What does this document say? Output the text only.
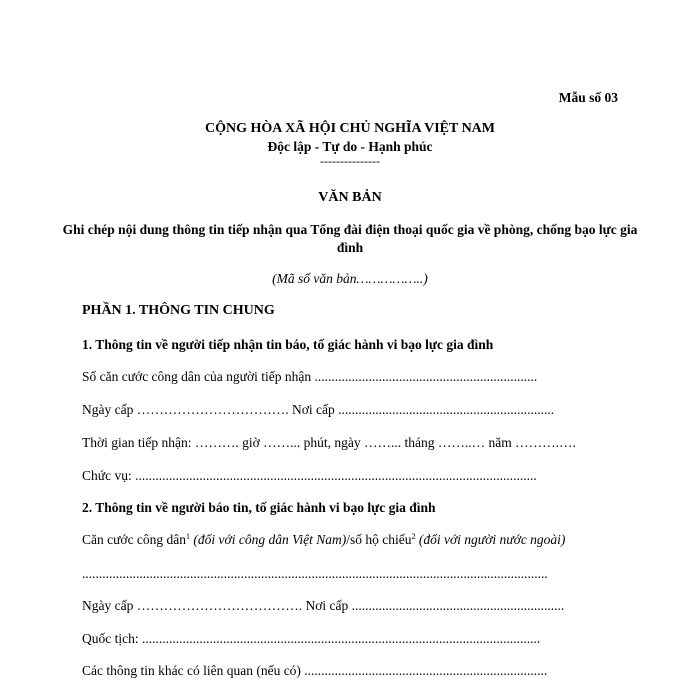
Mẫu số 03
CỘNG HÒA XÃ HỘI CHỦ NGHĨA VIỆT NAM
Độc lập - Tự do - Hạnh phúc
---------------
VĂN BẢN
Ghi chép nội dung thông tin tiếp nhận qua Tổng đài điện thoại quốc gia về phòng, chống bạo lực gia đình
(Mã số văn bản……………..)
PHẦN 1. THÔNG TIN CHUNG
1. Thông tin về người tiếp nhận tin báo, tố giác hành vi bạo lực gia đình
Số căn cước công dân của người tiếp nhận ..................................................................
Ngày cấp ……………………………. Nơi cấp ................................................................
Thời gian tiếp nhận: ………. giờ ……... phút, ngày ……... tháng ……..… năm ……….….
Chức vụ: .......................................................................................................................
2. Thông tin về người báo tin, tố giác hành vi bạo lực gia đình
Căn cước công dân$^1$ (đối với công dân Việt Nam)/số hộ chiếu$^2$ (đối với người nước ngoài)
..........................................................................................................................................
Ngày cấp ………………………………. Nơi cấp ...............................................................
Quốc tịch: ......................................................................................................................
Các thông tin khác có liên quan (nếu có) ........................................................................
